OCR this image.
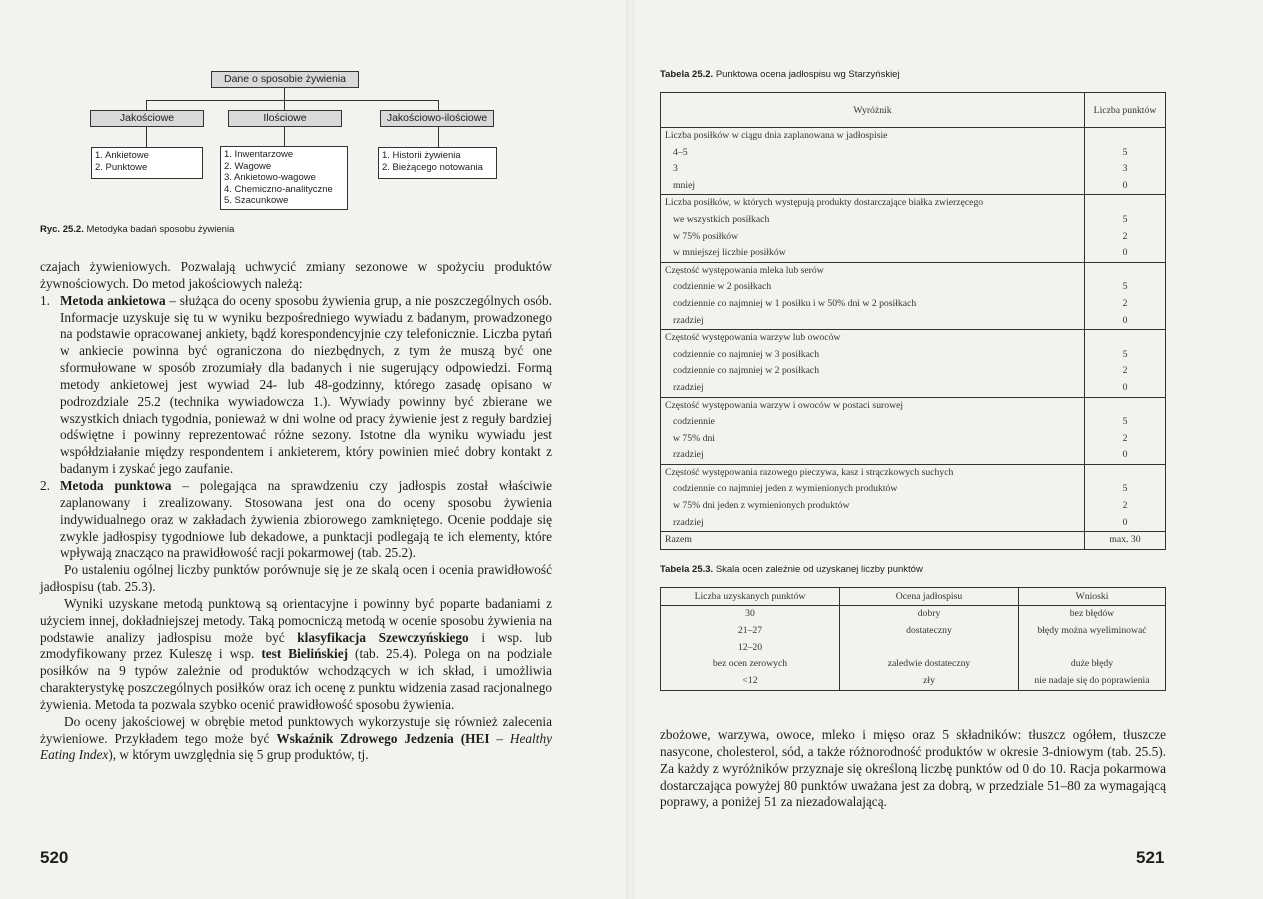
Dane o sposobie żywienia
Jakościowe	Ilościowe	Jakościowo-ilościowe
1. Ankietowe
2. Punktowe
1. Inwentarzowe
2. Wagowe
3. Ankietowo-wagowe
4. Chemiczno-analityczne
5. Szacunkowe
1. Historii żywienia
2. Bieżącego notowania
Ryc. 25.2. Metodyka badań sposobu żywienia

czajach żywieniowych. Pozwalają uchwycić zmiany sezonowe w spożyciu produktów żywnościowych. Do metod jakościowych należą:

1. Metoda ankietowa – służąca do oceny sposobu żywienia grup, a nie poszczególnych osób. Informacje uzyskuje się tu w wyniku bezpośredniego wywiadu z badanym, prowadzonego na podstawie opracowanej ankiety, bądź korespondencyjnie czy telefonicznie. Liczba pytań w ankiecie powinna być ograniczona do niezbędnych, z tym że muszą być one sformułowane w sposób zrozumiały dla badanych i nie sugerujący odpowiedzi. Formą metody ankietowej jest wywiad 24- lub 48-godzinny, którego zasadę opisano w podrozdziale 25.2 (technika wywiadowcza 1.). Wywiady powinny być zbierane we wszystkich dniach tygodnia, ponieważ w dni wolne od pracy żywienie jest z reguły bardziej odświętne i powinny reprezentować różne sezony. Istotne dla wyniku wywiadu jest współdziałanie między respondentem i ankieterem, który powinien mieć dobry kontakt z badanym i zyskać jego zaufanie.

2. Metoda punktowa – polegająca na sprawdzeniu czy jadłospis został właściwie zaplanowany i zrealizowany. Stosowana jest ona do oceny sposobu żywienia indywidualnego oraz w zakładach żywienia zbiorowego zamkniętego. Ocenie poddaje się zwykle jadłospisy tygodniowe lub dekadowe, a punktacji podlegają te ich elementy, które wpływają znacząco na prawidłowość racji pokarmowej (tab. 25.2).

Po ustaleniu ogólnej liczby punktów porównuje się je ze skalą ocen i ocenia prawidłowość jadłospisu (tab. 25.3).

Wyniki uzyskane metodą punktową są orientacyjne i powinny być poparte badaniami z użyciem innej, dokładniejszej metody. Taką pomocniczą metodą w ocenie sposobu żywienia na podstawie analizy jadłospisu może być klasyfikacja Szewczyńskiego i wsp. lub zmodyfikowany przez Kuleszę i wsp. test Bielińskiej (tab. 25.4). Polega on na podziale posiłków na 9 typów zależnie od produktów wchodzących w ich skład, i umożliwia charakterystykę poszczególnych posiłków oraz ich ocenę z punktu widzenia zasad racjonalnego żywienia. Metoda ta pozwala szybko ocenić prawidłowość sposobu żywienia.

Do oceny jakościowej w obrębie metod punktowych wykorzystuje się również zalecenia żywieniowe. Przykładem tego może być Wskaźnik Zdrowego Jedzenia (HEI – Healthy Eating Index), w którym uwzględnia się 5 grup produktów, tj.

520
Tabela 25.2. Punktowa ocena jadłospisu wg Starzyńskiej
Wyróżnik	Liczba punktów
Liczba posiłków w ciągu dnia zaplanowana w jadłospisie	
4–5	5
3	3
mniej	0
Liczba posiłków, w których występują produkty dostarczające białka zwierzęcego	
we wszystkich posiłkach	5
w 75% posiłków	2
w mniejszej liczbie posiłków	0
Częstość występowania mleka lub serów	
codziennie w 2 posiłkach	5
codziennie co najmniej w 1 posiłku i w 50% dni w 2 posiłkach	2
rzadziej	0
Częstość występowania warzyw lub owoców	
codziennie co najmniej w 3 posiłkach	5
codziennie co najmniej w 2 posiłkach	2
rzadziej	0
Częstość występowania warzyw i owoców w postaci surowej	
codziennie	5
w 75% dni	2
rzadziej	0
Częstość występowania razowego pieczywa, kasz i strączkowych suchych	
codziennie co najmniej jeden z wymienionych produktów	5
w 75% dni jeden z wymienionych produktów	2
rzadziej	0
Razem	max. 30
Tabela 25.3. Skala ocen zależnie od uzyskanej liczby punktów
Liczba uzyskanych punktów	Ocena jadłospisu	Wnioski
30	dobry	bez błędów
21–27	dostateczny	błędy można wyeliminować
12–20		
bez ocen zerowych	zaledwie dostateczny	duże błędy
<12	zły	nie nadaje się do poprawienia

zbożowe, warzywa, owoce, mleko i mięso oraz 5 składników: tłuszcz ogółem, tłuszcze nasycone, cholesterol, sód, a także różnorodność produktów w okresie 3-dniowym (tab. 25.5). Za każdy z wyróżników przyznaje się określoną liczbę punktów od 0 do 10. Racja pokarmowa dostarczająca powyżej 80 punktów uważana jest za dobrą, w przedziale 51–80 za wymagającą poprawy, a poniżej 51 za niezadowalającą.

521
